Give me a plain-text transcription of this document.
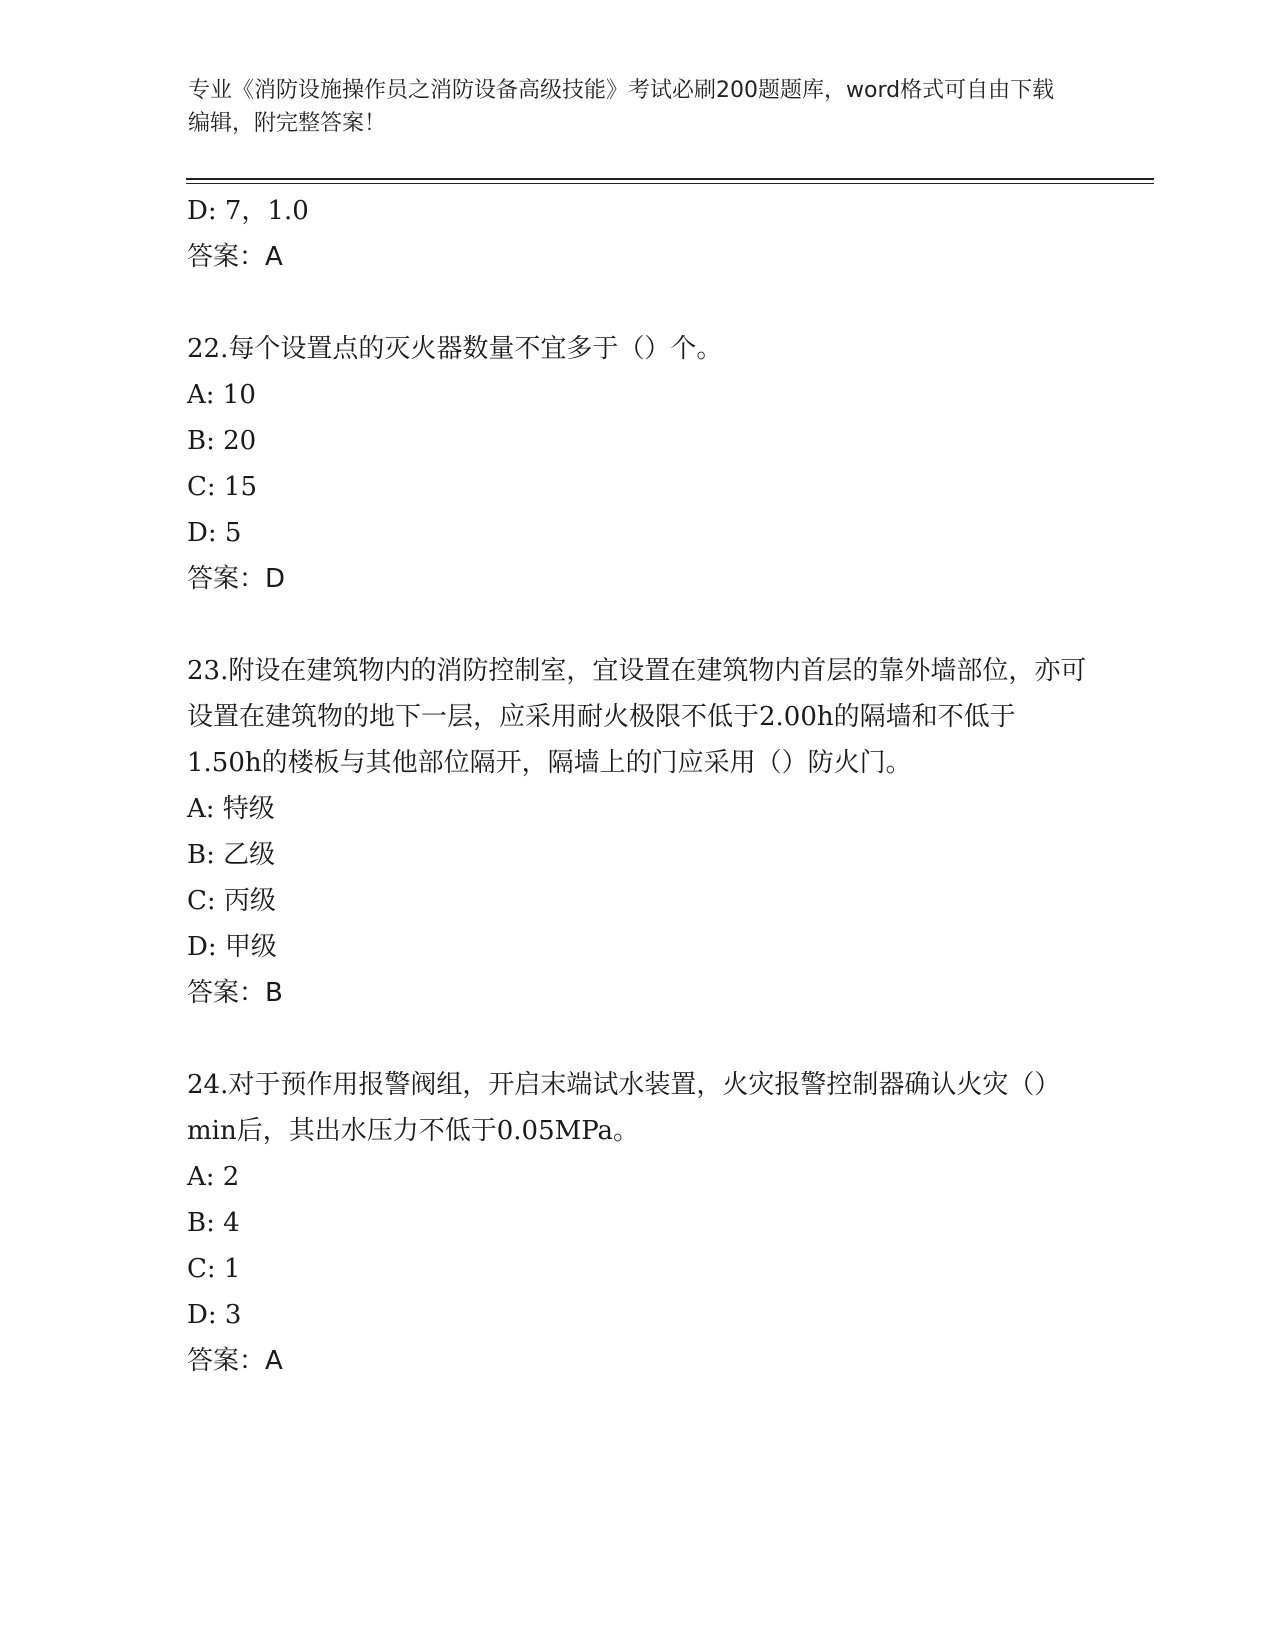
专业《消防设施操作员之消防设备高级技能》考试必刷200题题库，word格式可自由下载编辑，附完整答案！
D: 7，1.0
答案：A
22.每个设置点的灭火器数量不宜多于（）个。
A: 10
B: 20
C: 15
D: 5
答案：D
23.附设在建筑物内的消防控制室，宜设置在建筑物内首层的靠外墙部位，亦可设置在建筑物的地下一层，应采用耐火极限不低于2.00h的隔墙和不低于1.50h的楼板与其他部位隔开，隔墙上的门应采用（）防火门。
A: 特级
B: 乙级
C: 丙级
D: 甲级
答案：B
24.对于预作用报警阀组，开启末端试水装置，火灾报警控制器确认火灾（）min后，其出水压力不低于0.05MPa。
A: 2
B: 4
C: 1
D: 3
答案：A
